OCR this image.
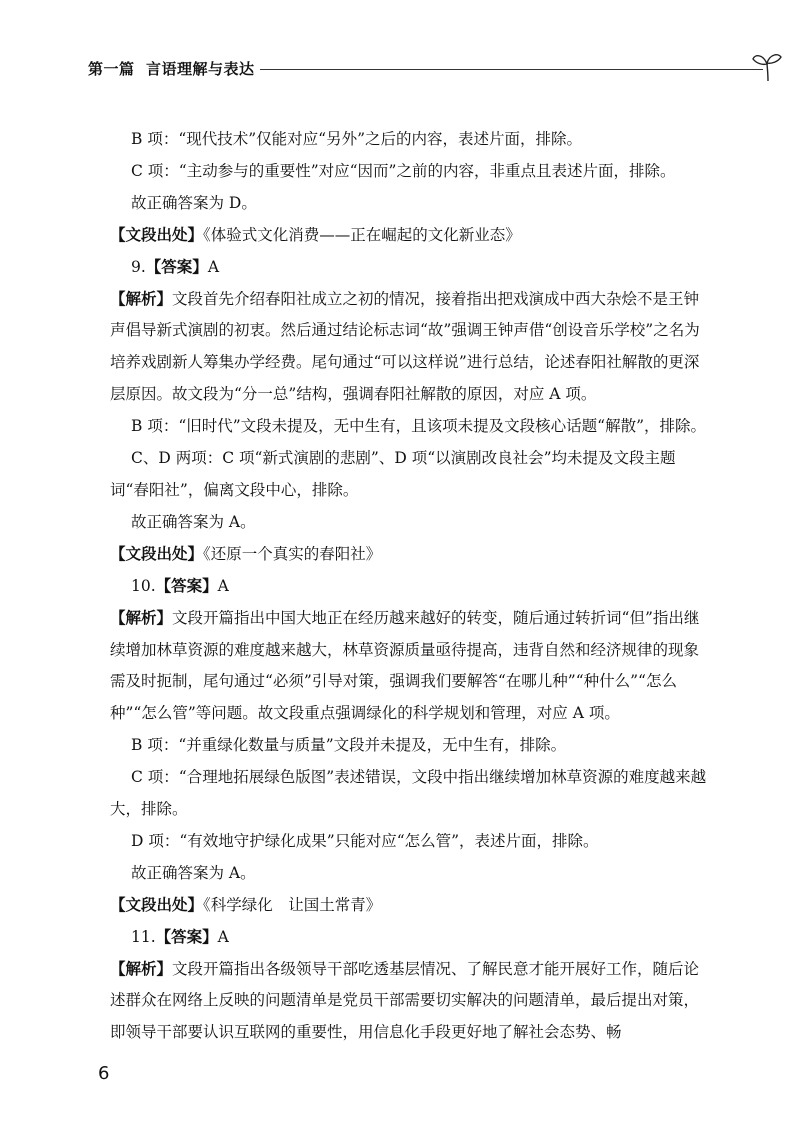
第一篇 言语理解与表达

B 项：“现代技术”仅能对应“另外”之后的内容，表述片面，排除。

C 项：“主动参与的重要性”对应“因而”之前的内容，非重点且表述片面，排除。

故正确答案为 D。

【文段出处】《体验式文化消费——正在崛起的文化新业态》

9.【答案】A

【解析】文段首先介绍春阳社成立之初的情况，接着指出把戏演成中西大杂烩不是王钟声倡导新式演剧的初衷。然后通过结论标志词“故”强调王钟声借“创设音乐学校”之名为培养戏剧新人筹集办学经费。尾句通过“可以这样说”进行总结，论述春阳社解散的更深层原因。故文段为“分一总”结构，强调春阳社解散的原因，对应 A 项。

B 项：“旧时代”文段未提及，无中生有，且该项未提及文段核心话题“解散”，排除。

C、D 两项：C 项“新式演剧的悲剧”、D 项“以演剧改良社会”均未提及文段主题词“春阳社”，偏离文段中心，排除。

故正确答案为 A。

【文段出处】《还原一个真实的春阳社》

10.【答案】A

【解析】文段开篇指出中国大地正在经历越来越好的转变，随后通过转折词“但”指出继续增加林草资源的难度越来越大，林草资源质量亟待提高，违背自然和经济规律的现象需及时扼制，尾句通过“必须”引导对策，强调我们要解答“在哪儿种”“种什么”“怎么种”“怎么管”等问题。故文段重点强调绿化的科学规划和管理，对应 A 项。

B 项：“并重绿化数量与质量”文段并未提及，无中生有，排除。

C 项：“合理地拓展绿色版图”表述错误，文段中指出继续增加林草资源的难度越来越大，排除。

D 项：“有效地守护绿化成果”只能对应“怎么管”，表述片面，排除。

故正确答案为 A。

【文段出处】《科学绿化　让国土常青》

11.【答案】A

【解析】文段开篇指出各级领导干部吃透基层情况、了解民意才能开展好工作，随后论述群众在网络上反映的问题清单是党员干部需要切实解决的问题清单，最后提出对策，即领导干部要认识互联网的重要性，用信息化手段更好地了解社会态势、畅

6
